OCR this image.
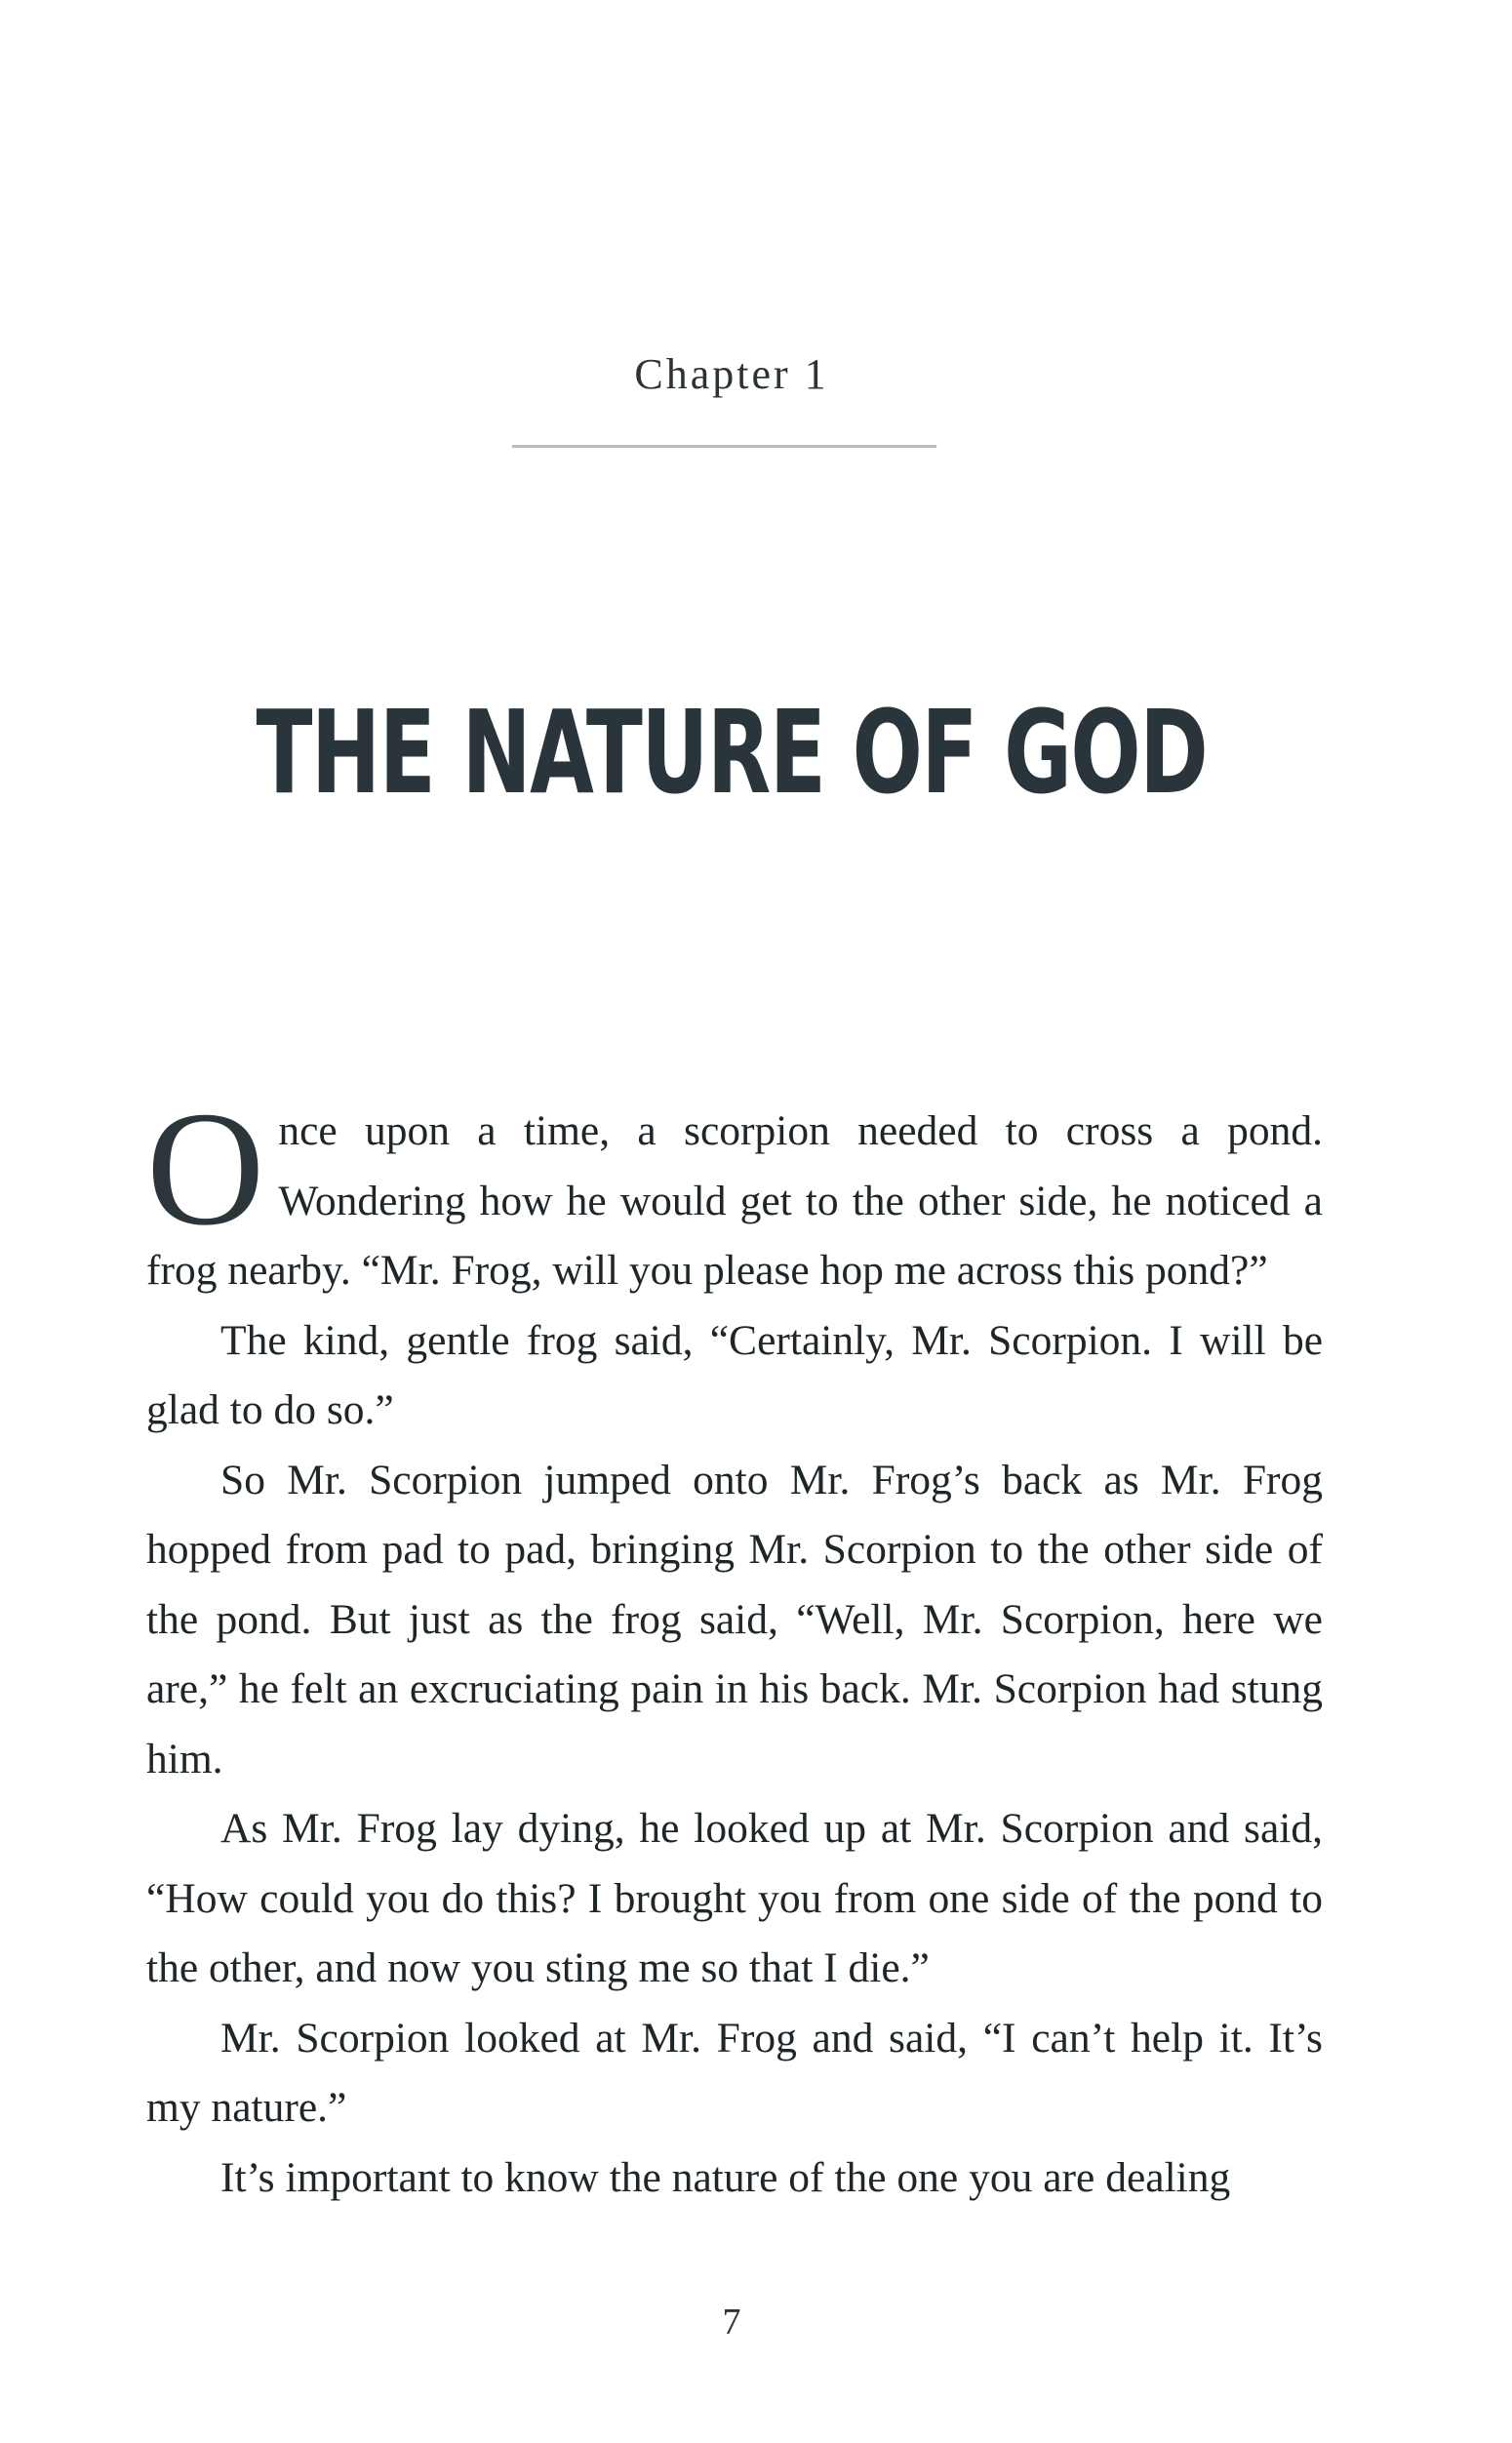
Chapter 1
THE NATURE OF GOD

Once upon a time, a scorpion needed to cross a pond. Wondering how he would get to the other side, he noticed a frog nearby. “Mr. Frog, will you please hop me across this pond?”

The kind, gentle frog said, “Certainly, Mr. Scorpion. I will be glad to do so.”

So Mr. Scorpion jumped onto Mr. Frog’s back as Mr. Frog hopped from pad to pad, bringing Mr. Scorpion to the other side of the pond. But just as the frog said, “Well, Mr. Scorpion, here we are,” he felt an excruciating pain in his back. Mr. Scorpion had stung him.

As Mr. Frog lay dying, he looked up at Mr. Scorpion and said, “How could you do this? I brought you from one side of the pond to the other, and now you sting me so that I die.”

Mr. Scorpion looked at Mr. Frog and said, “I can’t help it. It’s my nature.”

It’s important to know the nature of the one you are dealing

7
